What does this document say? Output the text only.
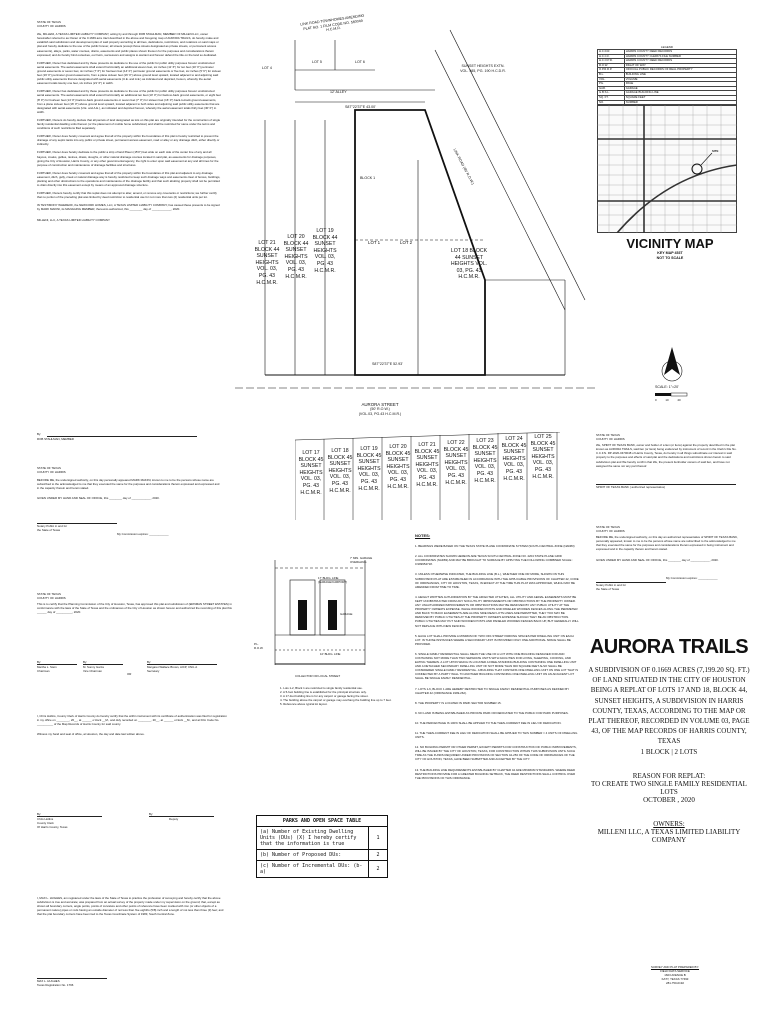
STATE OF TEXAS
COUNTY OF HARRIS

We, MILLENI, A TEXAS LIMITED LIABILITY COMPANY, acting by and through ROB STAHLMAN, MEMBER OF MILLENI LLC, owner hereinafter referred to as Owner of the 0.1669 acre tract described in the above and foregoing map of AURORA TRAILS, do hereby make and establish said subdivision and development plan of said property according to all lines, dedications, restrictions, and notations on said maps or plat and hereby dedicate to the use of the public forever, all streets (except those streets designated as private streets, or permanent access easements), alleys, parks, water courses, drains, easements and public places shown thereon for the purposes and considerations therein expressed; and do hereby bind ourselves, our heirs, successors and assigns to warrant and forever defend the title on the land so dedicated.

FURTHER, Owner has dedicated and by these presents do dedicate to the use of the public for public utility purposes forever unobstructed aerial easements. The aerial easements shall extend horizontally an additional eleven feet, six inches (11' 6") for ten feet (10' 0") perimeter ground easements or seven feet, six inches (7' 6") for fourteen feet (14' 0") perimeter ground easements or five feet, six inches (5' 6") for sixteen feet (16' 0") perimeter ground easements, from a plane sixteen feet (16' 0") above ground level upward, located adjacent to and adjoining said public utility easements that are designated with aerial easements (U.E. and A.E.) as indicated and depicted, hereon, whereby the aerial easement totals twenty one feet, six inches (21' 6") in width.

FURTHER, Owner has dedicated and by these presents do dedicate to the use of the public for public utility purposes forever unobstructed aerial easements. The aerial easements shall extend horizontally an additional ten feet (10' 0") for back-to-back ground easements, or eight feet (8' 0") for fourteen feet (14' 0") back-to-back ground easements or seven feet (7' 0") for sixteen feet (16' 0") back-to-back ground easements, from a plane sixteen feet (16' 0") above ground level upward, located adjacent to both sides and adjoining said public utility easements that are designated with aerial easements (U.E. and A.E.), as indicated and depicted hereon, whereby the aerial easement totals thirty feet (30' 0") in width.

FURTHER, Owners do hereby declare that all parcels of land designated as lots on this plat are originally intended for the construction of single family residential dwelling units thereon (or the placement of mobile home subdivision) and shall be restricted for same under the terms and conditions of such restrictions filed separately.

FURTHER, Owner does hereby covenant and agree that all of the property within the boundaries of this plat is hereby restricted to prevent the drainage of any septic tanks into any public or private street, permanent access easement, road or alley or any drainage ditch, either directly or indirectly.

FURTHER, Owner does hereby dedicate to the public a strip of land fifteen (15'0") feet wide on each side of the center line of any and all bayous, creeks, gullies, ravines, draws, sloughs, or other natural drainage courses located in said plat, as easements for drainage purposes, giving the City of Houston, Harris County, or any other governmental agency, the right to enter upon said easement at any and all times for the purpose of construction and maintenance of drainage facilities and structures.

FURTHER, Owner does hereby covenant and agree that all of the property within the boundaries of this plat and adjacent to any drainage easement, ditch, gully, creek or natural drainage way is hereby restricted to keep such drainage ways and easements clear of fences, buildings, planting and other obstructions to the operations and maintenance of the drainage facility and that such abutting property shall not be permitted to drain directly into this easement except by means of an approved drainage structure.

FURTHER, Owners hereby certify that this replat does not attempt to alter, amend, or remove any covenants or restrictions; we further certify that no portion of the preceding plat was limited by deed restriction to residential use for not more than two (2) residential units per lot.

IN TESTIMONY WHEREOF, the NEWCORK HOMES, LLC, A TEXAS LIMITED LIABILITY COMPANY, has caused these presents to be signed by MARK MAKINI, its MANAGING MEMBER, thereunto authorized, this ________ day of ____________, 2020.

MILLENI, LLC, A TEXAS LIMITED LIABILITY COMPANY
By:
ROB STAHLMAN, MEMBER
STATE OF TEXAS
COUNTY OF HARRIS

BEFORE ME, the undersigned authority, on this day personally appeared MARK MAKINI, known to me to be the persons whose name are subscribed to the acknowledged to me that they executed the same for the purposes and considerations therein expressed and expressed and in the capacity therein and herein stated.

GIVEN UNDER MY HAND AND SEAL OF OFFICE, this ________ day of ____________, 2020.

Notary Public in and for
the State of Texas
My Commission expires: ____________
STATE OF TEXAS
COUNTY OF HARRIS

This is to certify that the Planning Commission of the City of Houston, Texas, has approved this plat and subdivision of (ERNMAN STREET ESTATES) in conformance with the laws of the State of Texas and the ordinances of the City of Houston as shown hereon and authorized the recording of this plat this ______ day of __________, 2020.

By:
Martha L. Stein
Chairman
By:
M. Sonny Garza
Vice Chairman
OR
By:
Margaret Wallace Brown, AICP, CNU-A
Secretary

I, Chris Hollins, County Clerk of Harris County do hereby certify that the within instrument with its certificate of authentication was filed for registration in my office on ________, 20__, at ______ o'clock __M., and duly recorded on ________, 20__, at ______ o'clock __M., and at Film Code No. __________ of the Map Records of Harris County for said county.

Witness my hand and seal of office, at Houston, the day and date last written above.

By:
Chris Hollins
County Clerk
Of Harris County, Texas
By:
Deputy

I, MAX L. HUGHES, am registered under the laws of the State of Texas to practice the profession of surveying and hereby certify that the above subdivision is true and accurate; was prepared from an actual survey of the property made under my supervision on the ground; that, except as shown all boundary corners, angle points, points of curvature and other points of reference have been marked with iron (or other objects of a permanent nature) pipes or rods having an outside diameter of not less than five eighths (5/8) inch and a length of not less than three (3) feet; and that the plat boundary corners have been tied to the Texas Coordinate System of 1983, South Central Zone.

MAX L. HUGHES
Texas Registration No. 1796
LINK ROAD TOWNHOMES AMENDING PLAT NO. 1 FILM CODE NO. 560049 H.C.M.R.
LOT 5	LOT 6
LOT 4
12' ALLEY
SUNSET HEIGHTS EXTN. VOL. 485, PG. 190 H.C.D.R.
LINK ROAD (60' R.O.W.)
BLOCK 1
LOT 1	LOT 2
S87°22'37"E 43.00'
S87°22'37"E 52.93'
LOT 21 BLOCK 44 SUNSET HEIGHTS VOL. 03, PG. 43 H.C.M.R.
LOT 20 BLOCK 44 SUNSET HEIGHTS VOL. 03, PG. 43 H.C.M.R.
LOT 19 BLOCK 44 SUNSET HEIGHTS VOL. 03, PG. 43 H.C.M.R.
LOT 18 BLOCK 44 SUNSET HEIGHTS VOL. 03, PG. 43 H.C.M.R.
AURORA STREET
(50' R.O.W.)
(VOL.03, PG.43 H.C.M.R.)
LOT 17 BLOCK 45 SUNSET HEIGHTS VOL. 03, PG. 43 H.C.M.R.
LOT 18 BLOCK 45 SUNSET HEIGHTS VOL. 03, PG. 43 H.C.M.R.
LOT 19 BLOCK 45 SUNSET HEIGHTS VOL. 03, PG. 43 H.C.M.R.
LOT 20 BLOCK 45 SUNSET HEIGHTS VOL. 03, PG. 43 H.C.M.R.
LOT 21 BLOCK 45 SUNSET HEIGHTS VOL. 03, PG. 43 H.C.M.R.
LOT 22 BLOCK 45 SUNSET HEIGHTS VOL. 03, PG. 43 H.C.M.R.
LOT 23 BLOCK 45 SUNSET HEIGHTS VOL. 03, PG. 43 H.C.M.R.
LOT 24 BLOCK 45 SUNSET HEIGHTS VOL. 03, PG. 43 H.C.M.R.
LOT 25 BLOCK 45 SUNSET HEIGHTS VOL. 03, PG. 43 H.C.M.R.
SCALE: 1"=20'
0	10	20
LEGEND
H.C.D.R.	HARRIS COUNTY DEED RECORDS
H.C.C.F.	HARRIS COUNTY CLERK'S FILE NUMBER
H.C.O.P.R.	HARRIS COUNTY DEED RECORDS
R.O.W.	RIGHT OF WAY
O.P.R.R.P.	OFFICIAL PUBLIC RECORDS OF REAL PROPERTY
B.L.	BUILDING LINE
VOL.	VOLUME
PG.	PAGE
GAR.	GARAGE
G.B.S.L.	GARAGE BUILDING LINE
SQ. FT.	SQUARE FEET
NO.	NUMBER
SITE
VICINITY MAP
KEY MAP 453T
NOT TO SCALE
STATE OF TEXAS
COUNTY OF HARRIS

We, SPIRIT OF TEXAS BANK, owner and holder of a lien (or liens) against the property described in the plat known as AURORA TRAILS, said lien (or liens) being evidenced by instrument of record in the Clerk's File No. C.C.F.N. RP-2020-0470048 of Harris County, Texas, do hereby in all things subordinate our interest in said property to the purposes and effects of said plat and the dedications and restrictions shown herein to said subdivision plat and We hereby confirm that We, the present lienholder owners of said lien, and have not assigned the same nor any part thereof.

SPIRIT OF TEXAS BANK ( authorized representative)
STATE OF TEXAS
COUNTY OF HARRIS

BEFORE ME, the undersigned authority, on this day an authorized representative of SPIRIT OF TEXAS BANK, personally appeared, known to me to be the persons whose name are subscribed to the acknowledged to me that they executed the same for the purposes and considerations therein expressed in being instrument and expressed and in the capacity therein and herein stated.

GIVEN UNDER MY HAND AND SEAL OF OFFICE, this ________ day of ____________, 2020.

My Commission expires: ____________
Notary Public in and for
the State of Texas
AURORA TRAILS
A SUBDIVISION OF 0.1669 ACRES (7,199.20 SQ. FT.) OF LAND SITUATED IN THE CITY OF HOUSTON BEING A REPLAT OF LOTS 17 AND 18, BLOCK 44, SUNSET HEIGHTS, A SUBDIVISION IN HARRIS COUNTY, TEXAS, ACCORDING TO THE MAP OR PLAT THEREOF, RECORDED IN VOLUME 03, PAGE 43, OF THE MAP RECORDS OF HARRIS COUNTY, TEXAS
1 BLOCK | 2 LOTS
REASON FOR REPLAT:
TO CREATE TWO SINGLE FAMILY RESIDENTIAL LOTS
OCTOBER , 2020
OWNERS:
MILLENI LLC, A TEXAS LIMITED LIABILITY COMPANY
SURVEY AND PLAT PREPARED BY:
FIELD DATA SERVICE
1603 AVENUE B
KATY, TEXAS 77493
281-750-0192
NOTES:

1. BEARINGS WERE BASED ON THE TEXAS STATE PLANE COORDINATE SYSTEM (SOUTH CENTRAL ZONE (NAD83)

2. ALL COORDINATES SHOWN HEREON ARE TEXAS SOUTH CENTRAL ZONE NO. 4204 STATE PLANE GRID COORDINATES (NAD83) AND MAY BE BROUGHT TO SURFACE BY APPLYING THE FOLLOWING COMBINED SCALE : 0.999954718.

3. UNLESS OTHERWISE INDICATED, THE BUILDING LINE (B.L.), WHETHER ONE OR MORE, SHOWN ON THIS SUBDIVISION PLAT ARE ESTABLISHED IN ACCORDANCE WITH THE APPLICABLE PROVISIONS OF CHAPTER 42, CODE OF ORDINANCES, CITY OF HOUSTON, TEXAS, IN EFFECT AT THE TIME THIS PLAT WAS APPROVED, WHICH MAY BE AMENDED FROM TIME TO TIME.

4. HEIGHT WRITTEN AUTHORIZATION BY THE AFFECTED UTILITIES, ALL UTILITY AND AERIAL EASEMENTS MUST BE KEPT UNOBSTRUCTED FROM ANY NON-UTILITY IMPROVEMENTS OR OBSTRUCTIONS BY THE PROPERTY OWNER. ANY UNAUTHORIZED IMPROVEMENTS OR OBSTRUCTIONS MAY BE REMOVED BY ANY PUBLIC UTILITY AT THE PROPERTY OWNER'S EXPENSE. WHILE WOODEN POSTS AND PANELED WOODEN FENCES ALONG THE PERIMETER AND BACK TO BACK EASEMENTS ARE ALONG SIDE REAR LOTS LINES ARE PERMITTED, THEY TOO MAY BE REMOVED BY PUBLIC UTILITIES AT THE PROPERTY OWNER'S EXPENSE SHOULD THEY BE AN OBSTRUCTION. PUBLIC UTILITIES MAY PUT SAID WOODEN POSTS AND PANELED WOODEN FENCES BACK UP, BUT GENERALLY WILL NOT REPLACE WITH NEW FENCING.

5. EACH LOT SHALL PROVIDE A MINIMUM OF TWO OFF-STREET PARKING SPACES PER DWELLING UNIT ON EACH LOT. IN THOSE INSTANCES WHERE A SECONDARY UNIT IS PROVIDED ONLY ONE ADDITIONAL SPACE SHALL BE PROVIDED.

6. SINGLE FAMILY RESIDENTIAL SHALL MEAN THE USE OF A LOT WITH ONE BUILDING DESIGNED FOR AND CONTAINING NOT MORE THAN TWO SEPARATE UNITS WITH FACILITIES FOR LIVING, SLEEPING, COOKING, AND EATING THEREIN. A LOT UPON WHICH IS LOCATED A FREE-STANDING BUILDING CONTAINING ONE DWELLING UNIT AND A DETACHED SECONDARY DWELLING UNIT OF NOT MORE THAN 900 SQUARE FEET ALSO SHALL BE CONSIDERED SINGLE FAMILY RESIDENTIAL. A BUILDING THAT CONTAINS ONE DWELLING UNIT ON ONE LOT THAT IS CONNECTED BY A PARTY WALL TO ANOTHER BUILDING CONTAINING ONE DWELLING UNIT ON AN ADJACENT LOT SHALL BE SINGLE FAMILY RESIDENTIAL.

7. LOTS 1-6, BLOCK 1 ARE HEREBY RESTRICTED TO SINGLE FAMILY RESIDENTIAL PURPOSES AS DEFINED BY CHAPTER 42 (ORDINANCE 1999-262).

8. THE PROPERTY IS LOCATED IN PARK SECTOR NUMBER 15.

9. NO LAND IS BEING ESTABLISHED AS PRIVATE PARK OR DEDICATED TO THE PUBLIC FOR PARK PURPOSES.

10. THE PERCENTAGE IS 100% SHALL BE APPLIED TO THE THEN-CURRENT FEE IN LIEU OF DEDICATION.

11. THE THEN-CURRENT FEE IN LIEU OF DEDICATION SHALL BE APPLIED TO THIS NUMBER = 4 UNITS OF DWELLING UNITS.

12. NO BUILDING PERMIT OR OTHER PERMIT, EXCEPT PERMITS FOR CONSTRUCTION OF PUBLIC IMPROVEMENTS, WILL BE ISSUED BY THE CITY OF HOUSTON, TEXAS, FOR CONSTRUCTION WITHIN THIS SUBDIVISION UNTIL SUCH TIME AS THE FUNDS REQUIRED UNDER PROVISIONS OF SECTION 42-253 OF THE CODE OF ORDINANCES OF THE CITY OF HOUSTON, TEXAS, HAVE BEEN SUBMITTED AND ACCEPTED BY THE CITY.

13. THE BUILDING LINE REQUIREMENTS ESTABLISHED BY CHAPTER 42 ARE MINIMUM STANDARDS. WHERE DEED RESTRICTIONS PROVIDE FOR A GREATER BUILDING SETBACK, THE DEED RESTRICTIONS SHALL CONTROL OVER THE PROVISIONS OF THIS ORDINANCE.

7' MIN. GARAGE OVERHANG
17' BLDG. LINE (GARAGE/CARPORT)
GARAGE
P.L.
R.O.W.
10' BLDG. LINE
COLLECTOR OR LOCAL STREET
1. Lots 1-2, Block 1 are restricted to single family residential use.
2. A 5-foot building line is established for the principal structure only.
3. A 17-foot building line is for any carport or garage facing the street.
4. The building above the carport or garage may overhang the building line up to 7 feet.
5. Reference above typical lot layout.
PARKS AND OPEN SPACE TABLE	
(a) Number of Existing Dwelling Units (DUs) (X) I hereby certify that the information is true	1
(b) Number of Proposed DUs:	2
(c) Number of Incremental DUs: (b-a)	2
